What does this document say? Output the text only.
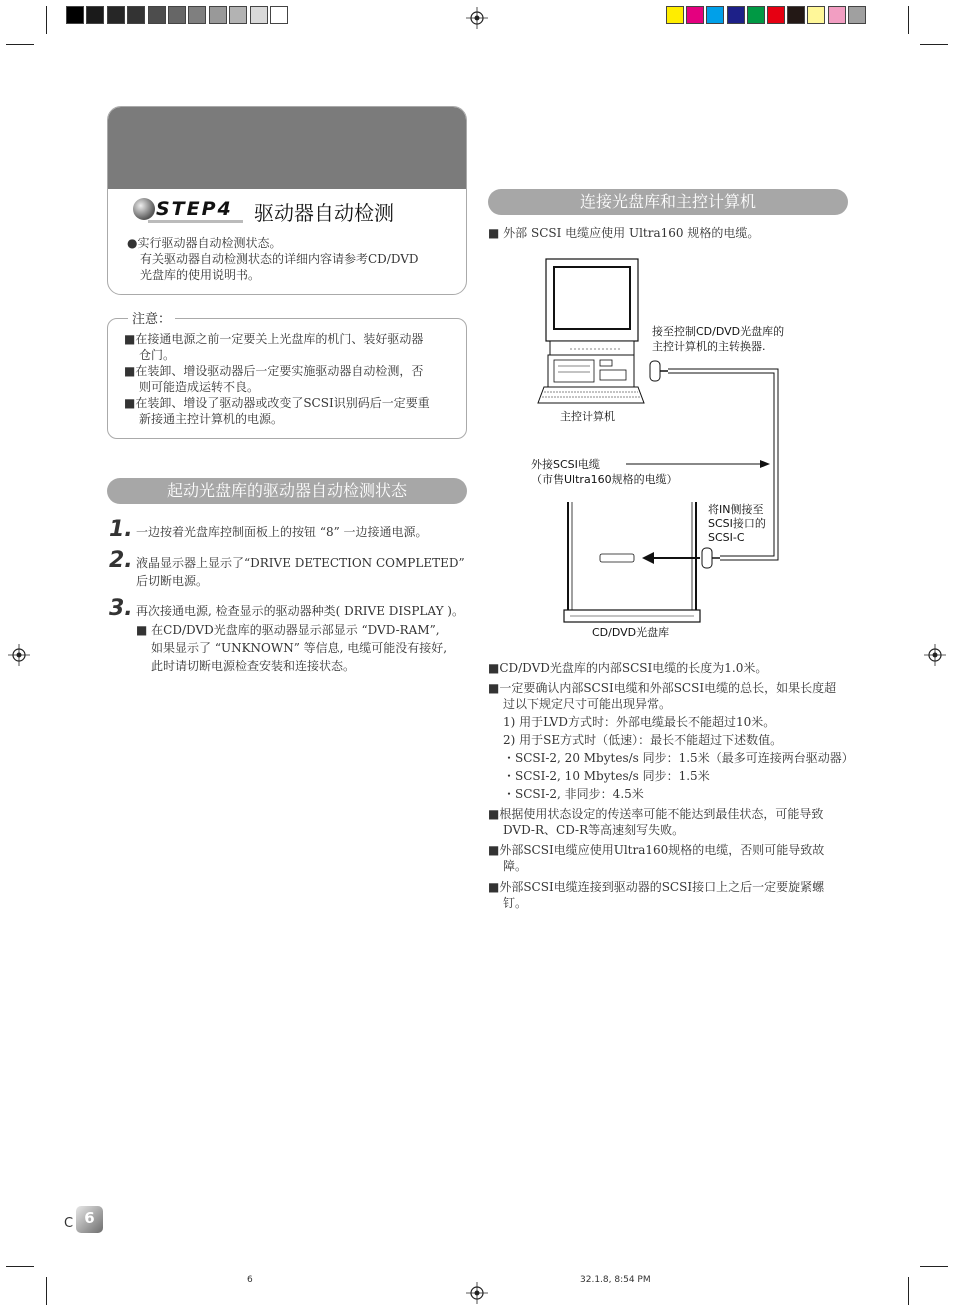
STEP4 驱动器自动检测
●实行驱动器自动检测状态。
有关驱动器自动检测状态的详细内容请参考CD/DVD
光盘库的使用说明书。
注意：
■在接通电源之前一定要关上光盘库的机门、装好驱动器
仓门。
■在装卸、增设驱动器后一定要实施驱动器自动检测，否
则可能造成运转不良。
■在装卸、增设了驱动器或改变了SCSI识别码后一定要重
新接通主控计算机的电源。
起动光盘库的驱动器自动检测状态
1. 一边按着光盘库控制面板上的按钮 “8” 一边接通电源。
2. 液晶显示器上显示了“DRIVE DETECTION COMPLETED”
后切断电源。
3. 再次接通电源, 检查显示的驱动器种类( DRIVE DISPLAY )。
■ 在CD/DVD光盘库的驱动器显示部显示 “DVD-RAM”,
如果显示了 “UNKNOWN” 等信息, 电缆可能没有接好,
此时请切断电源检查安装和连接状态。
连接光盘库和主控计算机
■ 外部 SCSI 电缆应使用 Ultra160 规格的电缆。
接至控制CD/DVD光盘库的
主控计算机的主转换器.
主控计算机
外接SCSI电缆
（市售Ultra160规格的电缆）
将IN侧接至
SCSI接口的
SCSI-C
CD/DVD光盘库
■CD/DVD光盘库的内部SCSI电缆的长度为1.0米。
■一定要确认内部SCSI电缆和外部SCSI电缆的总长，如果长度超
过以下规定尺寸可能出现异常。
1) 用于LVD方式时：外部电缆最长不能超过10米。
2) 用于SE方式时（低速）：最长不能超过下述数值。
・SCSI-2, 20 Mbytes/s 同步：1.5米（最多可连接两台驱动器）
・SCSI-2, 10 Mbytes/s 同步：1.5米
・SCSI-2, 非同步：4.5米
■根据使用状态设定的传送率可能不能达到最佳状态，可能导致
DVD-R、CD-R等高速刻写失败。
■外部SCSI电缆应使用Ultra160规格的电缆，否则可能导致故
障。
■外部SCSI电缆连接到驱动器的SCSI接口上之后一定要旋紧螺
钉。
C 6
6	32.1.8, 8:54 PM
